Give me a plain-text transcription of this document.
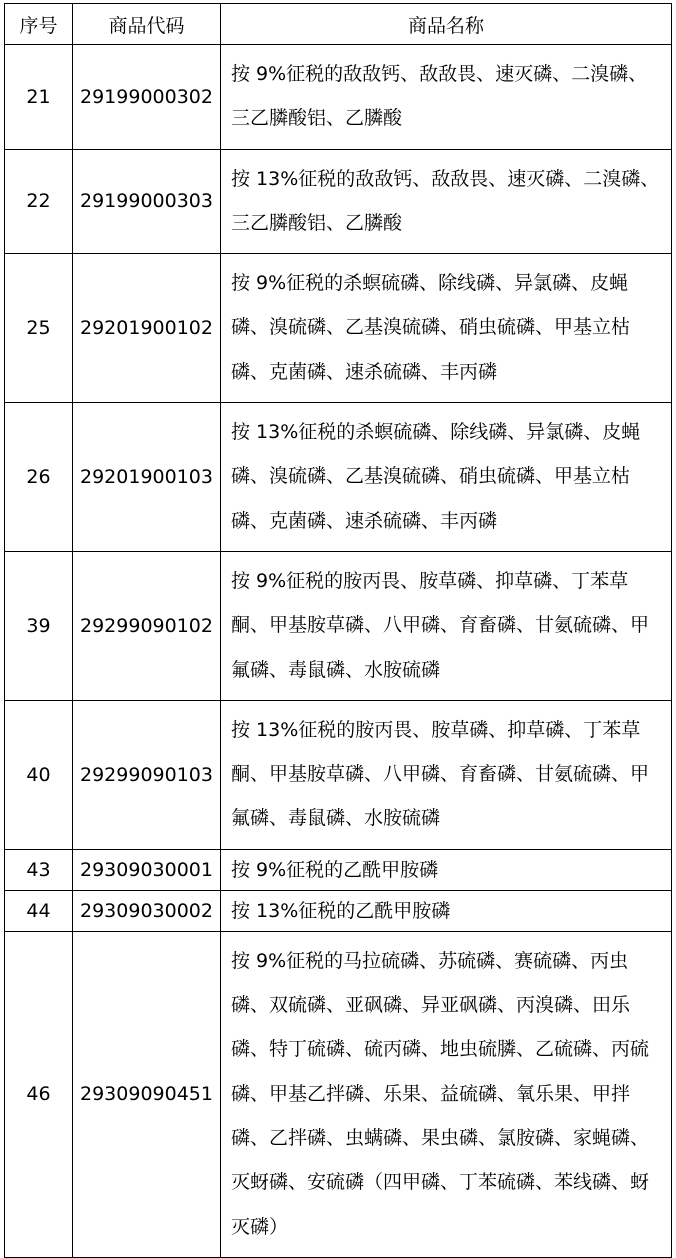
序号	商品代码	商品名称
21	29199000302	按 9%征税的敌敌钙、敌敌畏、速灭磷、二溴磷、三乙膦酸铝、乙膦酸
22	29199000303	按 13%征税的敌敌钙、敌敌畏、速灭磷、二溴磷、三乙膦酸铝、乙膦酸
25	29201900102	按 9%征税的杀螟硫磷、除线磷、异氯磷、皮蝇磷、溴硫磷、乙基溴硫磷、硝虫硫磷、甲基立枯磷、克菌磷、速杀硫磷、丰丙磷
26	29201900103	按 13%征税的杀螟硫磷、除线磷、异氯磷、皮蝇磷、溴硫磷、乙基溴硫磷、硝虫硫磷、甲基立枯磷、克菌磷、速杀硫磷、丰丙磷
39	29299090102	按 9%征税的胺丙畏、胺草磷、抑草磷、丁苯草酮、甲基胺草磷、八甲磷、育畜磷、甘氨硫磷、甲氟磷、毒鼠磷、水胺硫磷
40	29299090103	按 13%征税的胺丙畏、胺草磷、抑草磷、丁苯草酮、甲基胺草磷、八甲磷、育畜磷、甘氨硫磷、甲氟磷、毒鼠磷、水胺硫磷
43	29309030001	按 9%征税的乙酰甲胺磷
44	29309030002	按 13%征税的乙酰甲胺磷
46	29309090451	按 9%征税的马拉硫磷、苏硫磷、赛硫磷、丙虫磷、双硫磷、亚砜磷、异亚砜磷、丙溴磷、田乐磷、特丁硫磷、硫丙磷、地虫硫膦、乙硫磷、丙硫磷、甲基乙拌磷、乐果、益硫磷、氧乐果、甲拌磷、乙拌磷、虫螨磷、果虫磷、氯胺磷、家蝇磷、灭蚜磷、安硫磷（四甲磷、丁苯硫磷、苯线磷、蚜灭磷）
